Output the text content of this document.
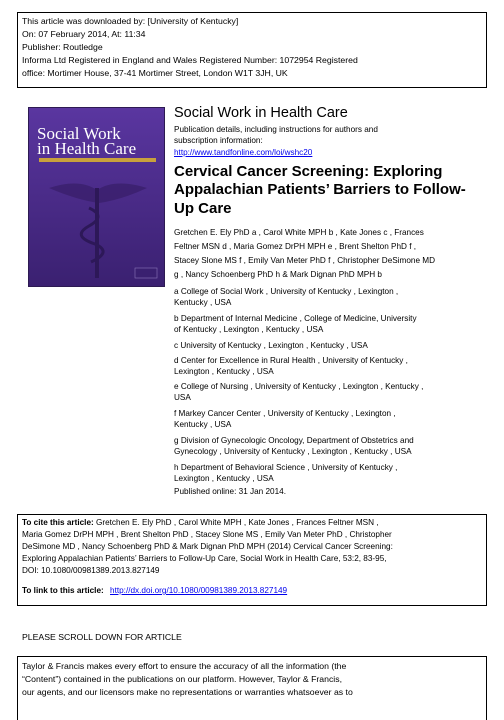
This article was downloaded by: [University of Kentucky]
On: 07 February 2014, At: 11:34
Publisher: Routledge
Informa Ltd Registered in England and Wales Registered Number: 1072954 Registered
office: Mortimer House, 37-41 Mortimer Street, London W1T 3JH, UK
Social Work
in Health Care
Social Work in Health Care
Publication details, including instructions for authors and
subscription information:
http://www.tandfonline.com/loi/wshc20
Cervical Cancer Screening: Exploring
Appalachian Patients’ Barriers to Follow-
Up Care
Gretchen E. Ely PhD a , Carol White MPH b , Kate Jones c , Frances
Feltner MSN d , Maria Gomez DrPH MPH e , Brent Shelton PhD f ,
Stacey Slone MS f , Emily Van Meter PhD f , Christopher DeSimone MD
g , Nancy Schoenberg PhD h & Mark Dignan PhD MPH b
a College of Social Work , University of Kentucky , Lexington ,
Kentucky , USA
b Department of Internal Medicine , College of Medicine, University
of Kentucky , Lexington , Kentucky , USA
c University of Kentucky , Lexington , Kentucky , USA
d Center for Excellence in Rural Health , University of Kentucky ,
Lexington , Kentucky , USA
e College of Nursing , University of Kentucky , Lexington , Kentucky ,
USA
f Markey Cancer Center , University of Kentucky , Lexington ,
Kentucky , USA
g Division of Gynecologic Oncology, Department of Obstetrics and
Gynecology , University of Kentucky , Lexington , Kentucky , USA
h Department of Behavioral Science , University of Kentucky ,
Lexington , Kentucky , USA
Published online: 31 Jan 2014.
To cite this article: Gretchen E. Ely PhD , Carol White MPH , Kate Jones , Frances Feltner MSN ,
Maria Gomez DrPH MPH , Brent Shelton PhD , Stacey Slone MS , Emily Van Meter PhD , Christopher
DeSimone MD , Nancy Schoenberg PhD & Mark Dignan PhD MPH (2014) Cervical Cancer Screening:
Exploring Appalachian Patients’ Barriers to Follow-Up Care, Social Work in Health Care, 53:2, 83-95,
DOI: 10.1080/00981389.2013.827149
To link to this article: http://dx.doi.org/10.1080/00981389.2013.827149
PLEASE SCROLL DOWN FOR ARTICLE
Taylor & Francis makes every effort to ensure the accuracy of all the information (the
“Content”) contained in the publications on our platform. However, Taylor & Francis,
our agents, and our licensors make no representations or warranties whatsoever as to
